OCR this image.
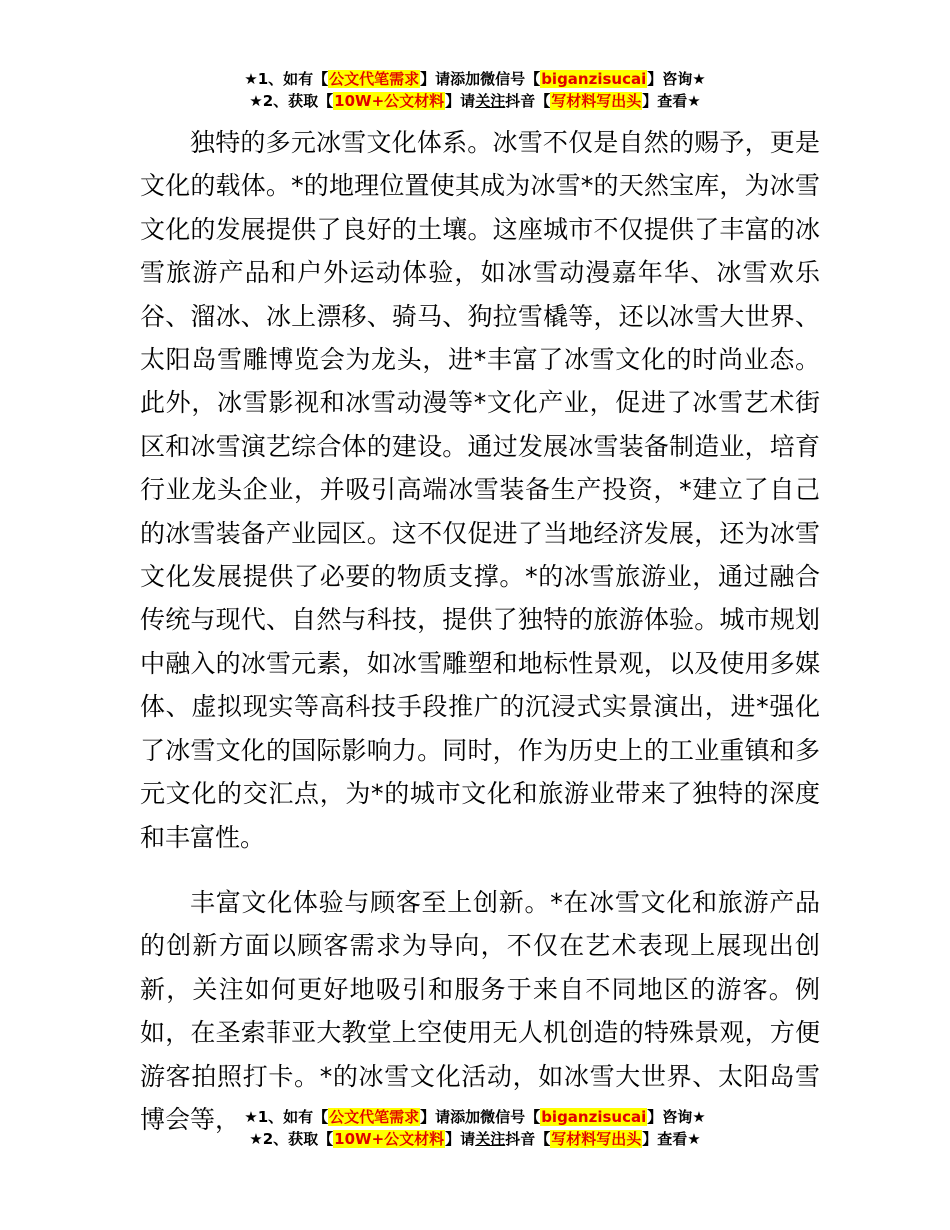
★1、如有【公文代笔需求】请添加微信号【biganzisucai】咨询★
★2、获取【10W+公文材料】请关注抖音【写材料写出头】查看★

独特的多元冰雪文化体系。冰雪不仅是自然的赐予，更是文化的载体。*的地理位置使其成为冰雪*的天然宝库，为冰雪文化的发展提供了良好的土壤。这座城市不仅提供了丰富的冰雪旅游产品和户外运动体验，如冰雪动漫嘉年华、冰雪欢乐谷、溜冰、冰上漂移、骑马、狗拉雪橇等，还以冰雪大世界、太阳岛雪雕博览会为龙头，进*丰富了冰雪文化的时尚业态。此外，冰雪影视和冰雪动漫等*文化产业，促进了冰雪艺术街区和冰雪演艺综合体的建设。通过发展冰雪装备制造业，培育行业龙头企业，并吸引高端冰雪装备生产投资，*建立了自己的冰雪装备产业园区。这不仅促进了当地经济发展，还为冰雪文化发展提供了必要的物质支撑。*的冰雪旅游业，通过融合传统与现代、自然与科技，提供了独特的旅游体验。城市规划中融入的冰雪元素，如冰雪雕塑和地标性景观，以及使用多媒体、虚拟现实等高科技手段推广的沉浸式实景演出，进*强化了冰雪文化的国际影响力。同时，作为历史上的工业重镇和多元文化的交汇点，为*的城市文化和旅游业带来了独特的深度和丰富性。

丰富文化体验与顾客至上创新。*在冰雪文化和旅游产品的创新方面以顾客需求为导向，不仅在艺术表现上展现出创新，关注如何更好地吸引和服务于来自不同地区的游客。例如，在圣索菲亚大教堂上空使用无人机创造的特殊景观，方便游客拍照打卡。*的冰雪文化活动，如冰雪大世界、太阳岛雪博会等， ★1、如有【公文代笔需求】请添加微信号【biganzisucai】咨询★
★2、获取【10W+公文材料】请关注抖音【写材料写出头】查看★
